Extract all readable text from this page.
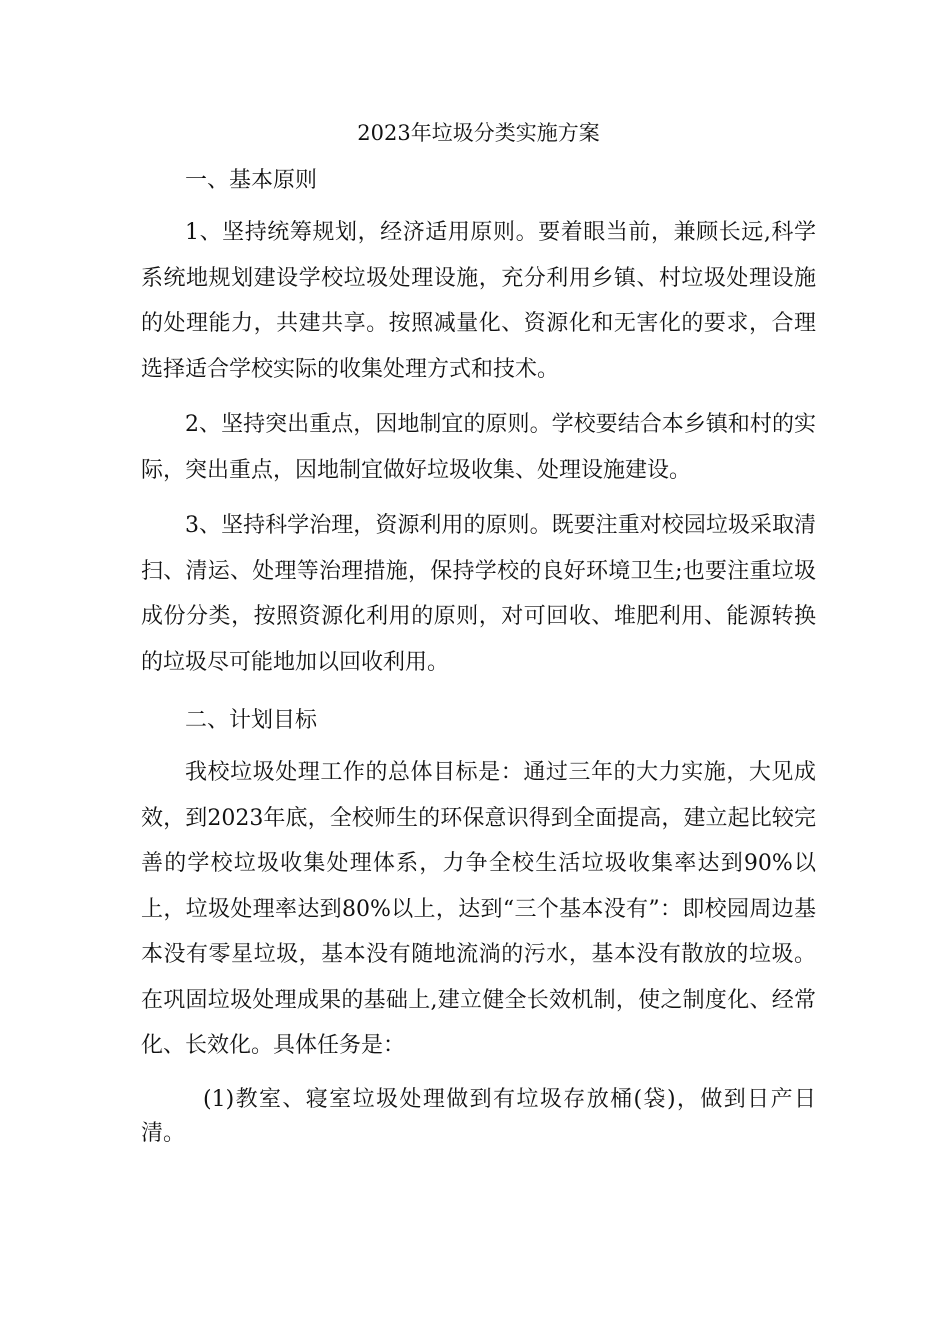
2023年垃圾分类实施方案
一、基本原则

1、坚持统筹规划，经济适用原则。要着眼当前，兼顾长远,科学系统地规划建设学校垃圾处理设施，充分利用乡镇、村垃圾处理设施的处理能力，共建共享。按照减量化、资源化和无害化的要求，合理选择适合学校实际的收集处理方式和技术。

2、坚持突出重点，因地制宜的原则。学校要结合本乡镇和村的实际，突出重点，因地制宜做好垃圾收集、处理设施建设。

3、坚持科学治理，资源利用的原则。既要注重对校园垃圾采取清扫、清运、处理等治理措施，保持学校的良好环境卫生;也要注重垃圾成份分类，按照资源化利用的原则，对可回收、堆肥利用、能源转换的垃圾尽可能地加以回收利用。

二、计划目标

我校垃圾处理工作的总体目标是：通过三年的大力实施，大见成效，到2023年底，全校师生的环保意识得到全面提高，建立起比较完善的学校垃圾收集处理体系，力争全校生活垃圾收集率达到90%以上，垃圾处理率达到80%以上，达到“三个基本没有”：即校园周边基本没有零星垃圾，基本没有随地流淌的污水，基本没有散放的垃圾。在巩固垃圾处理成果的基础上,建立健全长效机制，使之制度化、经常化、长效化。具体任务是：

(1)教室、寝室垃圾处理做到有垃圾存放桶(袋)，做到日产日清。
